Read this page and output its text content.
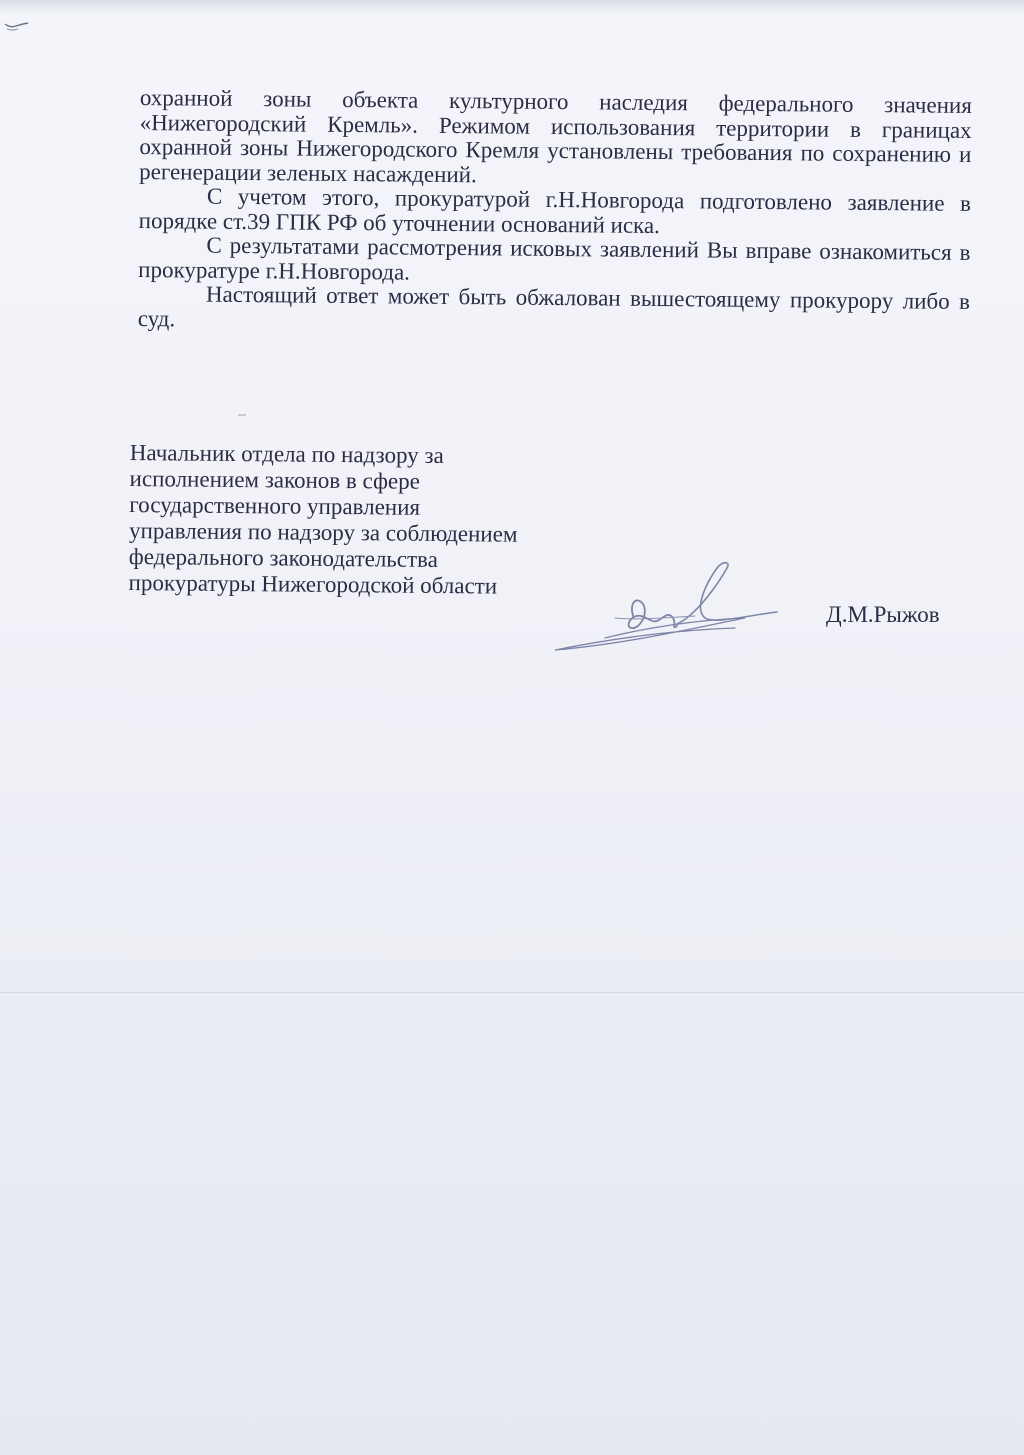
охранной зоны объекта культурного наследия федерального значения «Нижегородский Кремль». Режимом использования территории в границах охранной зоны Нижегородского Кремля установлены требования по сохранению и регенерации зеленых насаждений.

С учетом этого, прокуратурой г.Н.Новгорода подготовлено заявление в порядке ст.39 ГПК РФ об уточнении оснований иска.

С результатами рассмотрения исковых заявлений Вы вправе ознакомиться в прокуратуре г.Н.Новгорода.

Настоящий ответ может быть обжалован вышестоящему прокурору либо в суд.

Начальник отдела по надзору за
исполнением законов в сфере
государственного управления
управления по надзору за соблюдением
федерального законодательства
прокуратуры Нижегородской области
Д.М.Рыжов
